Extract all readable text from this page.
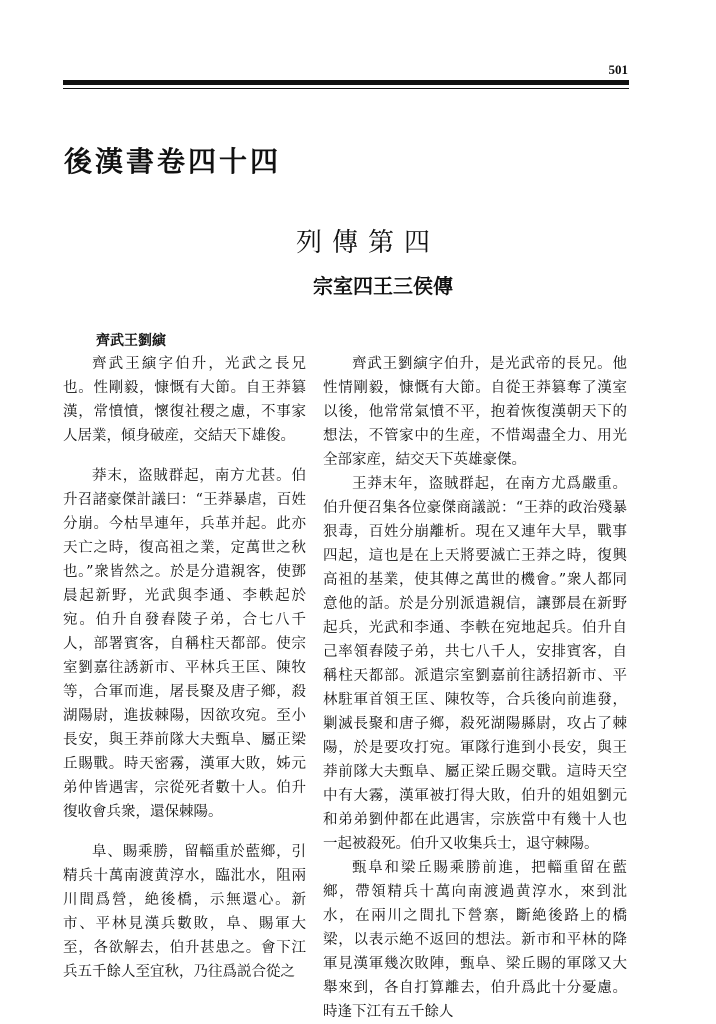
501
後漢書卷四十四
列傳第四
宗室四王三侯傳
齊武王劉縯

齊武王縯字伯升，光武之長兄也。性剛毅，慷慨有大節。自王莽篡漢，常憤憤，懷復社稷之慮，不事家人居業，傾身破産，交結天下雄俊。

莽末，盗賊群起，南方尤甚。伯升召諸豪傑計議曰：“王莽暴虐，百姓分崩。今枯旱連年，兵革并起。此亦天亡之時，復高祖之業，定萬世之秋也。”衆皆然之。於是分遣親客，使鄧晨起新野，光武與李通、李軼起於宛。伯升自發舂陵子弟，合七八千人，部署賓客，自稱柱天都部。使宗室劉嘉往誘新市、平林兵王匡、陳牧等，合軍而進，屠長聚及唐子鄉，殺湖陽尉，進拔棘陽，因欲攻宛。至小長安，與王莽前隊大夫甄阜、屬正梁丘賜戰。時天密霧，漢軍大敗，姊元弟仲皆遇害，宗從死者數十人。伯升復收會兵衆，還保棘陽。

阜、賜乘勝，留輜重於藍鄉，引精兵十萬南渡黄淳水，臨沘水，阻兩川間爲營，絶後橋，示無還心。新市、平林見漢兵數敗，阜、賜軍大至，各欲解去，伯升甚患之。會下江兵五千餘人至宜秋，乃往爲説合從之

齊武王劉縯字伯升，是光武帝的長兄。他性情剛毅，慷慨有大節。自從王莽篡奪了漢室以後，他常常氣憤不平，抱着恢復漢朝天下的想法，不管家中的生産，不惜竭盡全力、用光全部家産，結交天下英雄豪傑。

王莽末年，盗賊群起，在南方尤爲嚴重。伯升便召集各位豪傑商議説：“王莽的政治殘暴狠毒，百姓分崩離析。現在又連年大旱，戰事四起，這也是在上天將要滅亡王莽之時，復興高祖的基業，使其傳之萬世的機會。”衆人都同意他的話。於是分别派遣親信，讓鄧晨在新野起兵，光武和李通、李軼在宛地起兵。伯升自己率領舂陵子弟，共七八千人，安排賓客，自稱柱天都部。派遣宗室劉嘉前往誘招新市、平林駐軍首領王匡、陳牧等，合兵後向前進發，剿滅長聚和唐子鄉，殺死湖陽縣尉，攻占了棘陽，於是要攻打宛。軍隊行進到小長安，與王莽前隊大夫甄阜、屬正梁丘賜交戰。這時天空中有大霧，漢軍被打得大敗，伯升的姐姐劉元和弟弟劉仲都在此遇害，宗族當中有幾十人也一起被殺死。伯升又收集兵士，退守棘陽。

甄阜和梁丘賜乘勝前進，把輜重留在藍鄉，帶領精兵十萬向南渡過黄淳水，來到沘水，在兩川之間扎下營寨，斷絶後路上的橋梁，以表示絶不返回的想法。新市和平林的降軍見漢軍幾次敗陣，甄阜、梁丘賜的軍隊又大舉來到，各自打算離去，伯升爲此十分憂慮。時逢下江有五千餘人
